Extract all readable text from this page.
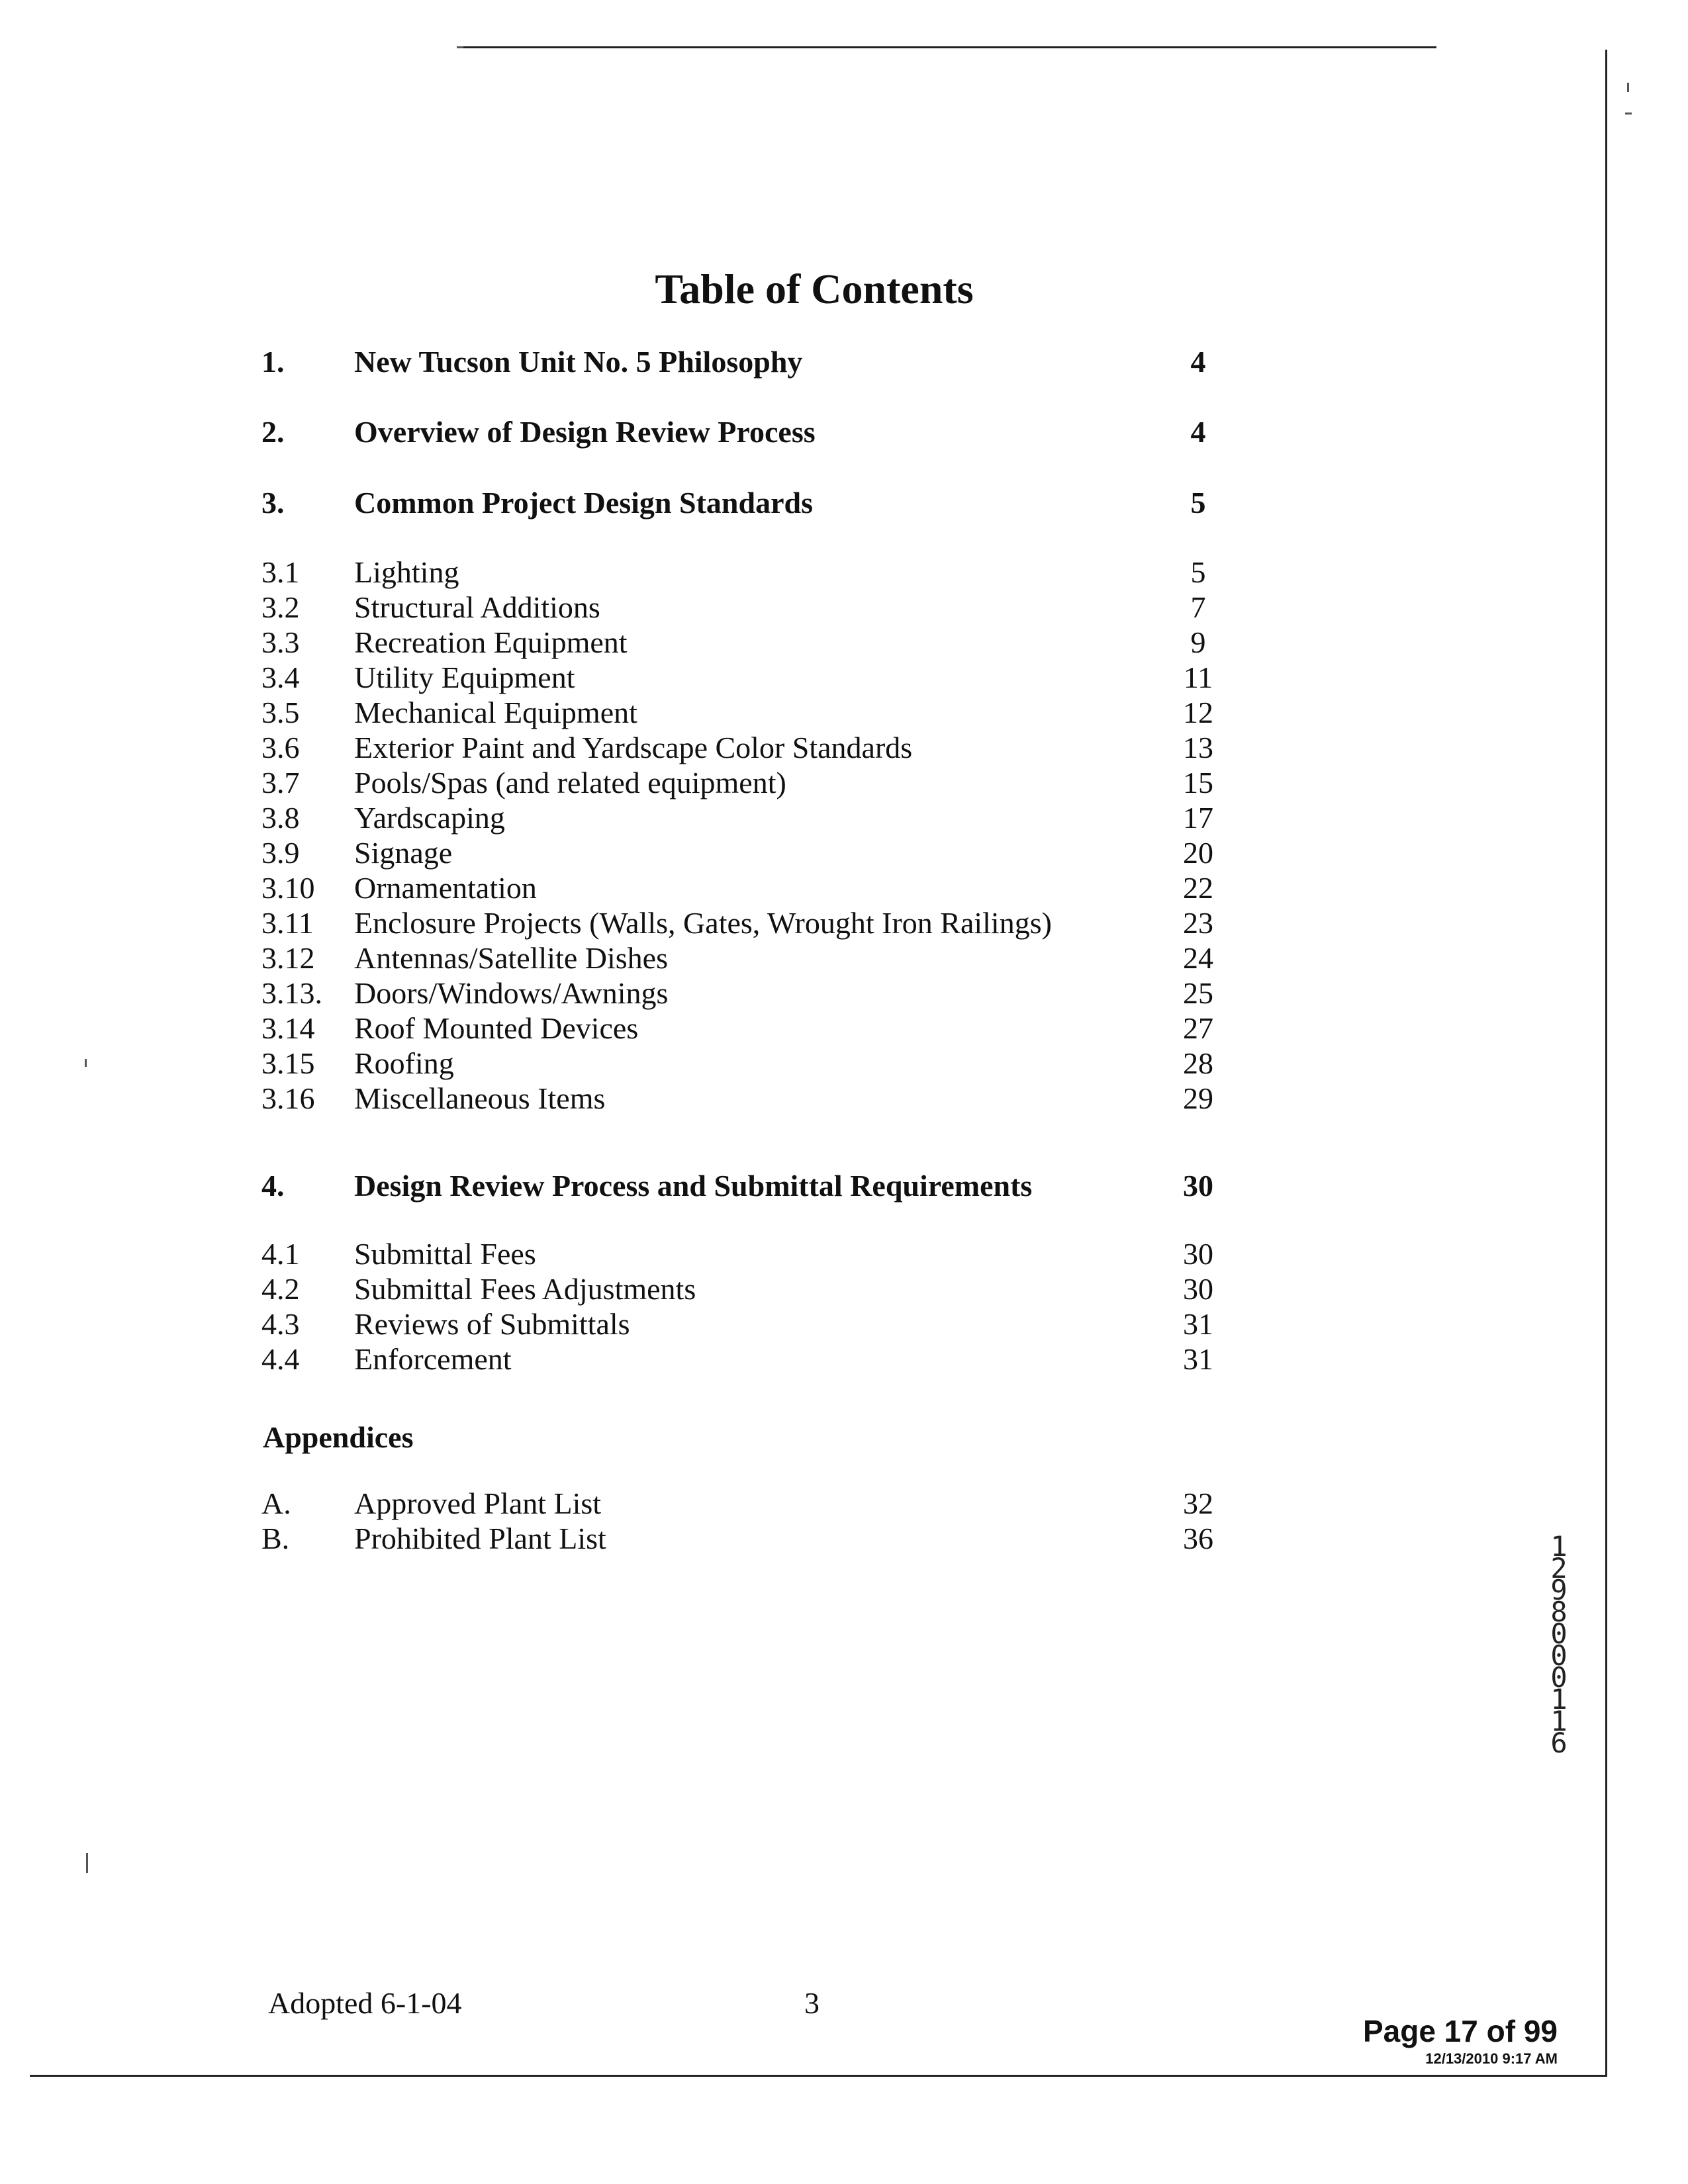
Table of Contents
1. New Tucson Unit No. 5 Philosophy	4
2. Overview of Design Review Process	4
3. Common Project Design Standards	5
3.1 Lighting	5
3.2 Structural Additions	7
3.3 Recreation Equipment	9
3.4 Utility Equipment	11
3.5 Mechanical Equipment	12
3.6 Exterior Paint and Yardscape Color Standards	13
3.7 Pools/Spas (and related equipment)	15
3.8 Yardscaping	17
3.9 Signage	20
3.10 Ornamentation	22
3.11 Enclosure Projects (Walls, Gates, Wrought Iron Railings)	23
3.12 Antennas/Satellite Dishes	24
3.13. Doors/Windows/Awnings	25
3.14 Roof Mounted Devices	27
3.15 Roofing	28
3.16 Miscellaneous Items	29
4. Design Review Process and Submittal Requirements	30
4.1 Submittal Fees	30
4.2 Submittal Fees Adjustments	30
4.3 Reviews of Submittals	31
4.4 Enforcement	31
Appendices
A. Approved Plant List	32
B. Prohibited Plant List	36	12980 00116
Adopted 6-1-04	3
Page 17 of 99
12/13/2010 9:17 AM
